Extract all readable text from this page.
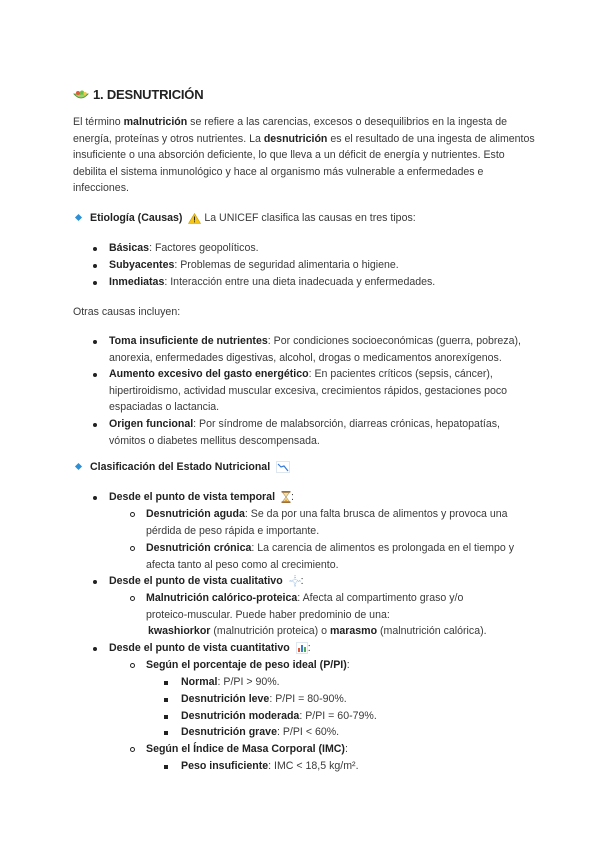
1. DESNUTRICIÓN
El término malnutrición se refiere a las carencias, excesos o desequilibrios en la ingesta de
energía, proteínas y otros nutrientes. La desnutrición es el resultado de una ingesta de alimentos
insuficiente o una absorción deficiente, lo que lleva a un déficit de energía y nutrientes. Esto
debilita el sistema inmunológico y hace al organismo más vulnerable a enfermedades e
infecciones.
Etiología (Causas) La UNICEF clasifica las causas en tres tipos:
Básicas: Factores geopolíticos.
Subyacentes: Problemas de seguridad alimentaria o higiene.
Inmediatas: Interacción entre una dieta inadecuada y enfermedades.
Otras causas incluyen:
Toma insuficiente de nutrientes: Por condiciones socioeconómicas (guerra, pobreza),
anorexia, enfermedades digestivas, alcohol, drogas o medicamentos anorexígenos.
Aumento excesivo del gasto energético: En pacientes críticos (sepsis, cáncer),
hipertiroidismo, actividad muscular excesiva, crecimientos rápidos, gestaciones poco
espaciadas o lactancia.
Origen funcional: Por síndrome de malabsorción, diarreas crónicas, hepatopatías,
vómitos o diabetes mellitus descompensada.
Clasificación del Estado Nutricional
Desde el punto de vista temporal :
Desnutrición aguda: Se da por una falta brusca de alimentos y provoca una
pérdida de peso rápida e importante.
Desnutrición crónica: La carencia de alimentos es prolongada en el tiempo y
afecta tanto al peso como al crecimiento.
Desde el punto de vista cualitativo :
Malnutrición calórico-proteica: Afecta al compartimento graso y/o
proteico-muscular. Puede haber predominio de una:
kwashiorkor (malnutrición proteica) o marasmo (malnutrición calórica).
Desde el punto de vista cuantitativo :
Según el porcentaje de peso ideal (P/PI):
Normal: P/PI > 90%.
Desnutrición leve: P/PI = 80-90%.
Desnutrición moderada: P/PI = 60-79%.
Desnutrición grave: P/PI < 60%.
Según el Índice de Masa Corporal (IMC):
Peso insuficiente: IMC < 18,5 kg/m².
